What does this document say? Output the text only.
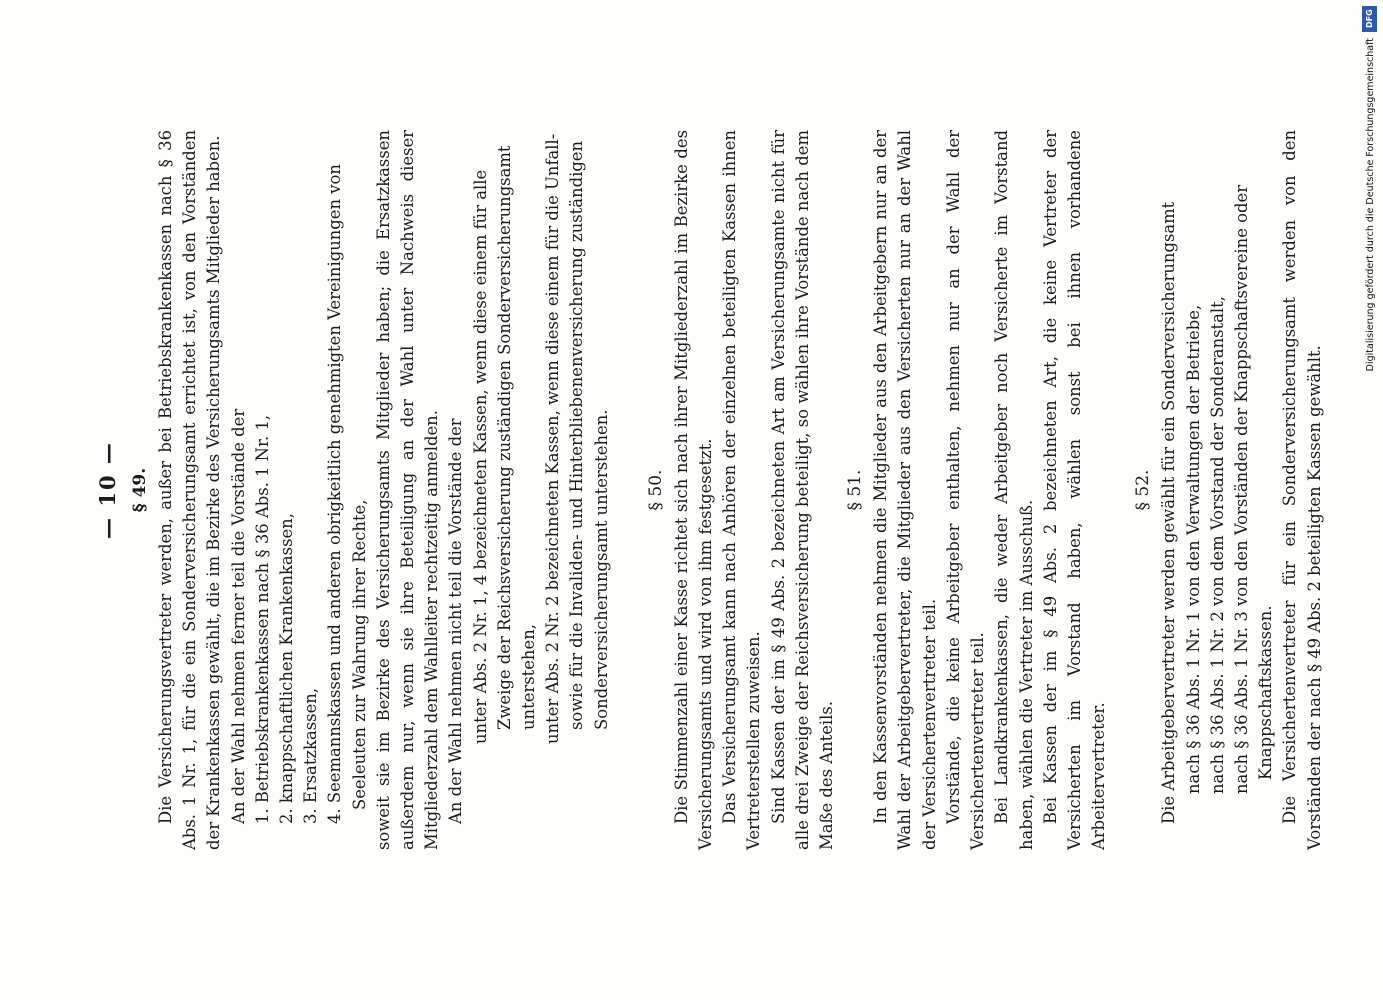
— 10 — § 49. Die Versicherungsvertreter werden, außer bei Betriebskrankenkassen nach § 36 Abs. 1 Nr. 1, für die ein Sonderversicherungsamt errichtet ist, von den Vorständen der Krankenkassen gewählt, die im Bezirke des Versicherungsamts Mitglieder haben. An der Wahl nehmen ferner teil die Vorstände der 1. Betriebskrankenkassen nach § 36 Abs. 1 Nr. 1, 2. knappschaftlichen Krankenkassen, 3. Ersatzkassen, 4. Seemannskassen und anderen obrigkeitlich genehmigten Vereinigungen von Seeleuten zur Wahrung ihrer Rechte, soweit sie im Bezirke des Versicherungsamts Mitglieder haben; die Ersatzkassen außerdem nur, wenn sie ihre Beteiligung an der Wahl unter Nachweis dieser Mitgliederzahl dem Wahlleiter rechtzeitig anmelden. An der Wahl nehmen nicht teil die Vorstände der unter Abs. 2 Nr. 1, 4 bezeichneten Kassen, wenn diese einem für alle Zweige der Reichsversicherung zuständigen Sonderversicherungsamt unterstehen, unter Abs. 2 Nr. 2 bezeichneten Kassen, wenn diese einem für die Unfall- sowie für die Invaliden- und Hinterbliebenenversicherung zuständigen Sonderversicherungsamt unterstehen. § 50. Die Stimmenzahl einer Kasse richtet sich nach ihrer Mitgliederzahl im Bezirke des Versicherungsamts und wird von ihm festgesetzt. Das Versicherungsamt kann nach Anhören der einzelnen beteiligten Kassen ihnen Vertreterstellen zuweisen. Sind Kassen der im § 49 Abs. 2 bezeichneten Art am Versicherungsamte nicht für alle drei Zweige der Reichsversicherung beteiligt, so wählen ihre Vorstände nach dem Maße des Anteils.

§ 51. In den Kassenvorständen nehmen die Mitglieder aus den Arbeitgebern nur an der Wahl der Arbeitgebervertreter, die Mitglieder aus den Versicherten nur an der Wahl der Versichertenvertreter teil. Vorstände, die keine Arbeitgeber enthalten, nehmen nur an der Wahl der Versichertenvertreter teil. Bei Landkrankenkassen, die weder Arbeitgeber noch Versicherte im Vorstand haben, wählen die Vertreter im Ausschuß. Bei Kassen der im § 49 Abs. 2 bezeichneten Art, die keine Vertreter der Versicherten im Vorstand haben, wählen sonst bei ihnen vorhandene Arbeitervertreter.

§ 52. Die Arbeitgebervertreter werden gewählt für ein Sonderversicherungsamt nach § 36 Abs. 1 Nr. 1 von den Verwaltungen der Betriebe, nach § 36 Abs. 1 Nr. 2 von dem Vorstand der Sonderanstalt, nach § 36 Abs. 1 Nr. 3 von den Vorständen der Knappschaftsvereine oder Knappschaftskassen. Die Versichertenvertreter für ein Sonderversicherungsamt werden von den Vorständen der nach § 49 Abs. 2 beteiligten Kassen gewählt.

DFG
Digitalisierung gefördert durch die Deutsche Forschungsgemeinschaft
